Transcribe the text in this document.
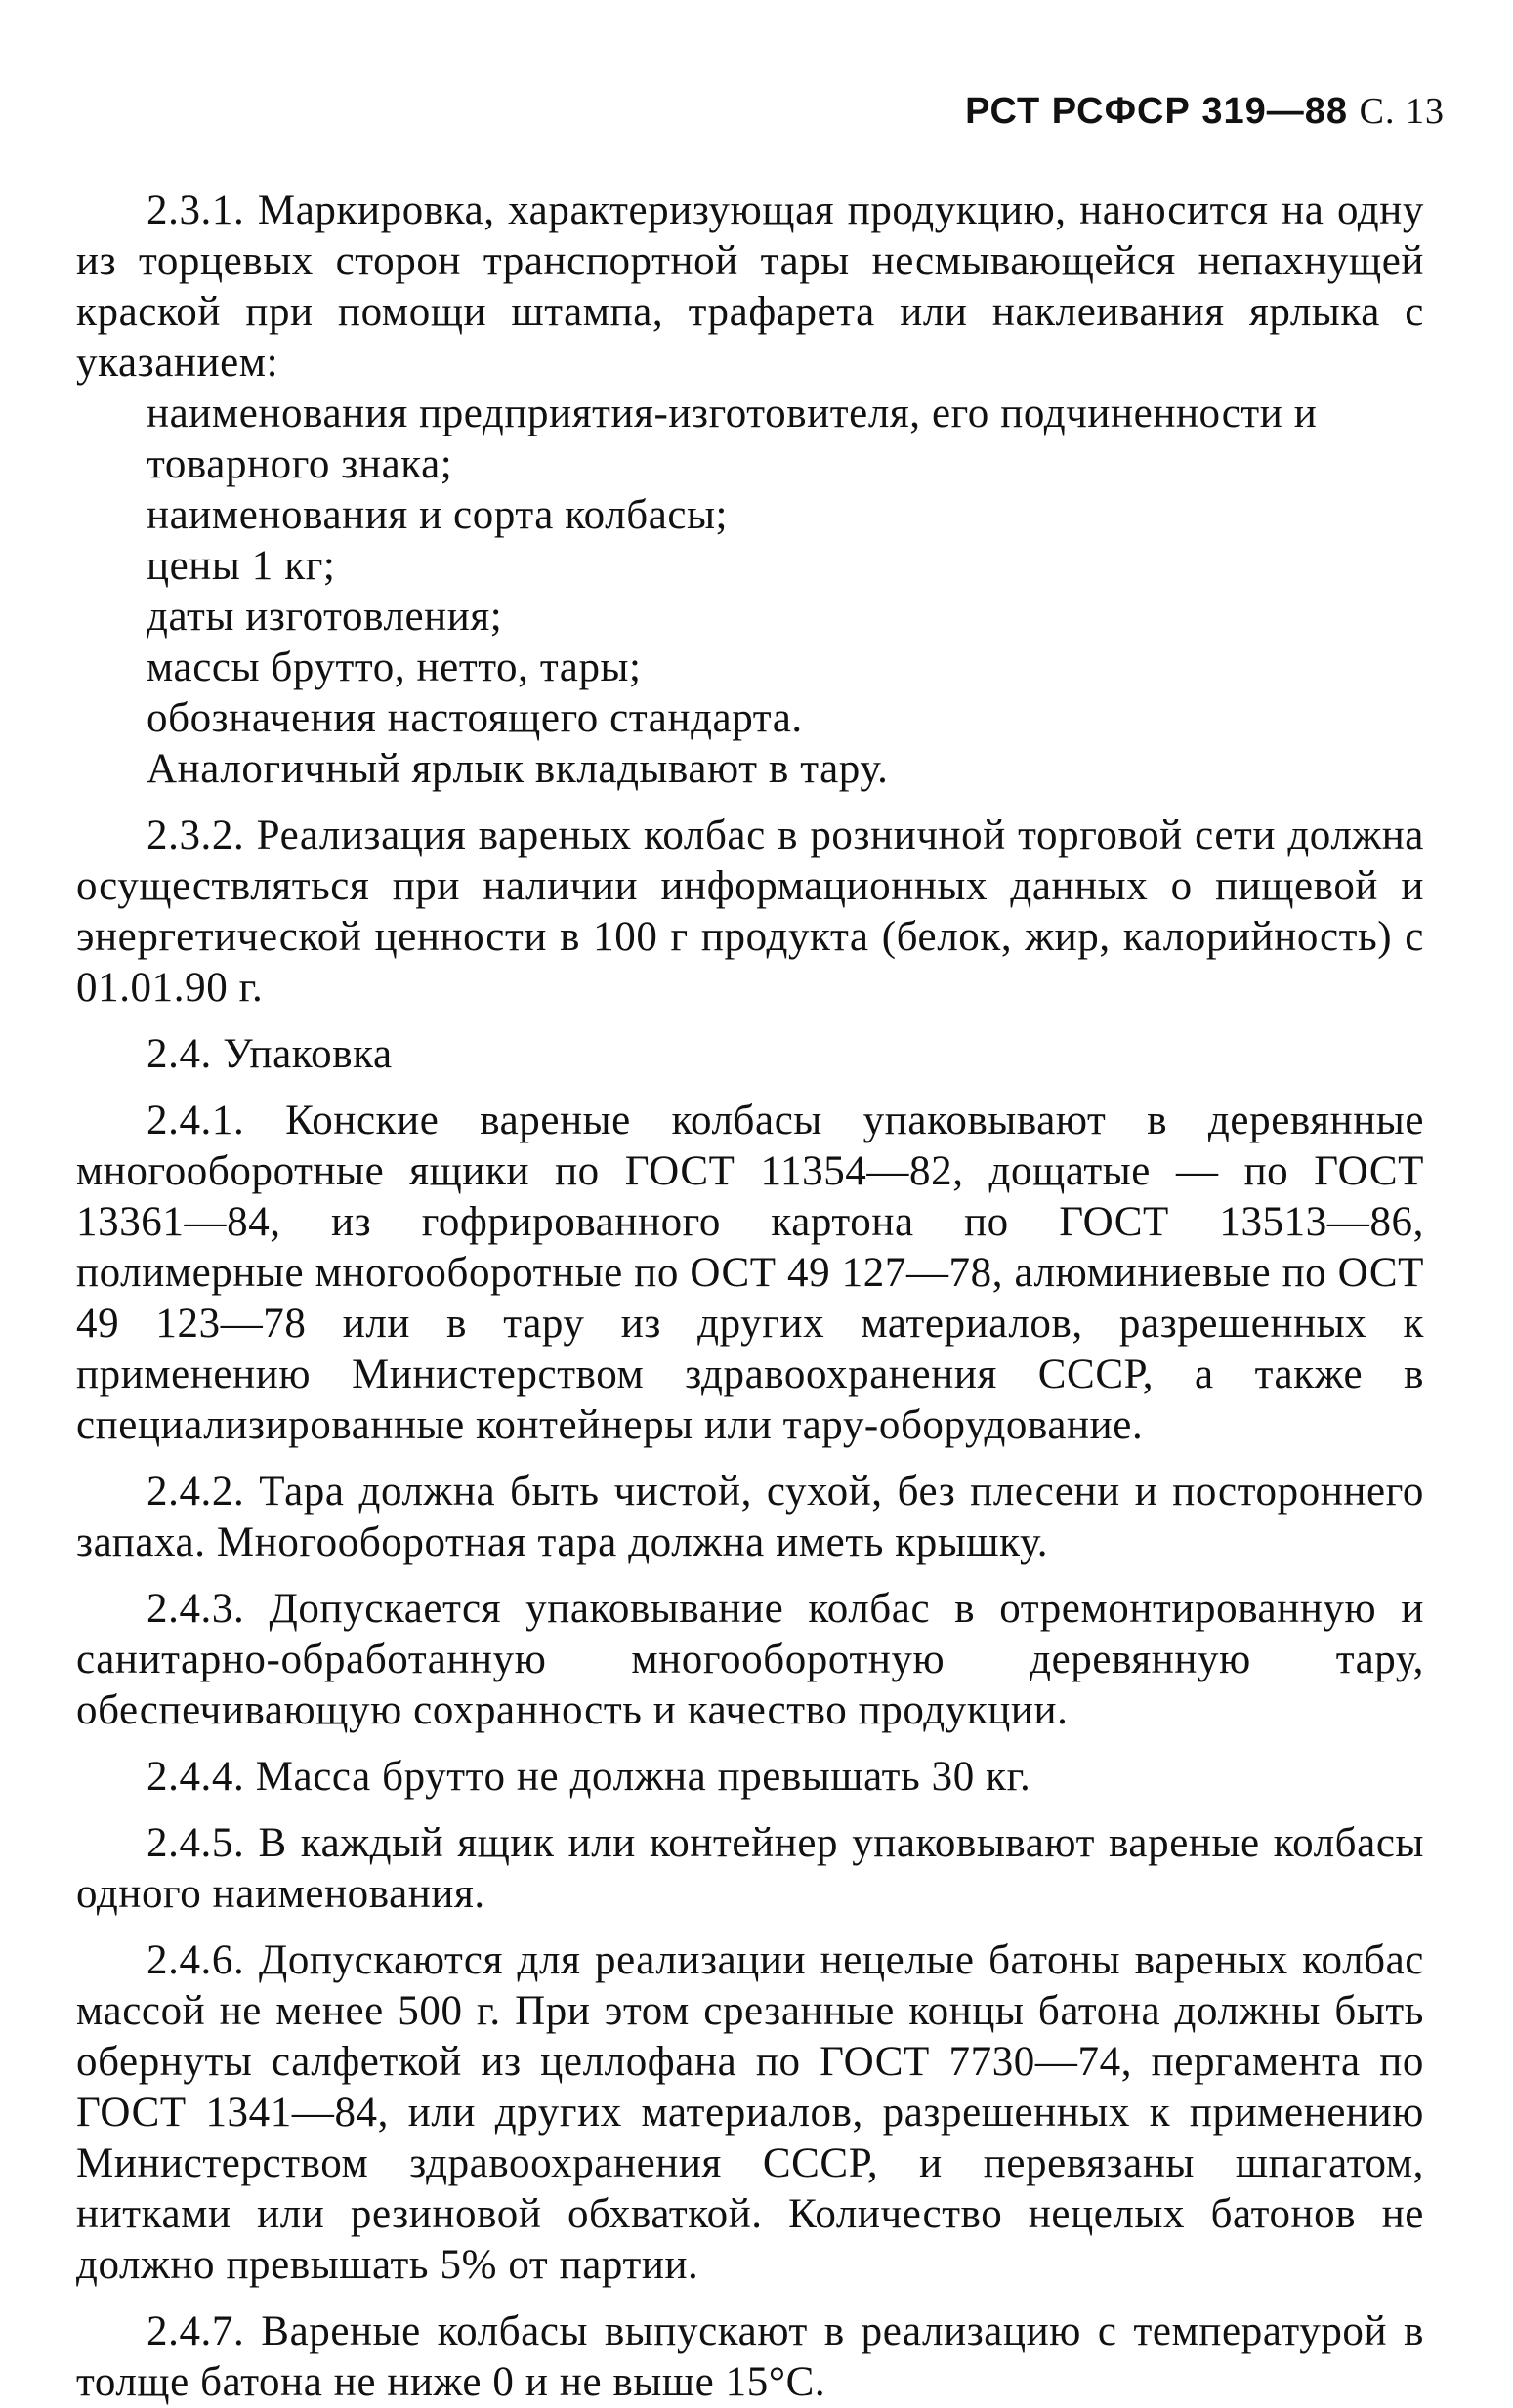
РСТ РСФСР 319—88 С. 13

2.3.1. Маркировка, характеризующая продукцию, наносится на одну из торцевых сторон транспортной тары несмывающейся непахнущей краской при помощи штампа, трафарета или наклеивания ярлыка с указанием:

наименования предприятия-изготовителя, его подчиненности и товарного знака;

наименования и сорта колбасы;

цены 1 кг;

даты изготовления;

массы брутто, нетто, тары;

обозначения настоящего стандарта.

Аналогичный ярлык вкладывают в тару.

2.3.2. Реализация вареных колбас в розничной торговой сети должна осуществляться при наличии информационных данных о пищевой и энергетической ценности в 100 г продукта (белок, жир, калорийность) с 01.01.90 г.

2.4. Упаковка

2.4.1. Конские вареные колбасы упаковывают в деревянные многооборотные ящики по ГОСТ 11354—82, дощатые — по ГОСТ 13361—84, из гофрированного картона по ГОСТ 13513—86, полимерные многооборотные по ОСТ 49 127—78, алюминиевые по ОСТ 49 123—78 или в тару из других материалов, разрешенных к применению Министерством здравоохранения СССР, а также в специализированные контейнеры или тару-оборудование.

2.4.2. Тара должна быть чистой, сухой, без плесени и постороннего запаха. Многооборотная тара должна иметь крышку.

2.4.3. Допускается упаковывание колбас в отремонтированную и санитарно-обработанную многооборотную деревянную тару, обеспечивающую сохранность и качество продукции.

2.4.4. Масса брутто не должна превышать 30 кг.

2.4.5. В каждый ящик или контейнер упаковывают вареные колбасы одного наименования.

2.4.6. Допускаются для реализации нецелые батоны вареных колбас массой не менее 500 г. При этом срезанные концы батона должны быть обернуты салфеткой из целлофана по ГОСТ 7730—74, пергамента по ГОСТ 1341—84, или других материалов, разрешенных к применению Министерством здравоохранения СССР, и перевязаны шпагатом, нитками или резиновой обхваткой. Количество нецелых батонов не должно превышать 5% от партии.

2.4.7. Вареные колбасы выпускают в реализацию с температурой в толще батона не ниже 0 и не выше 15°С.
